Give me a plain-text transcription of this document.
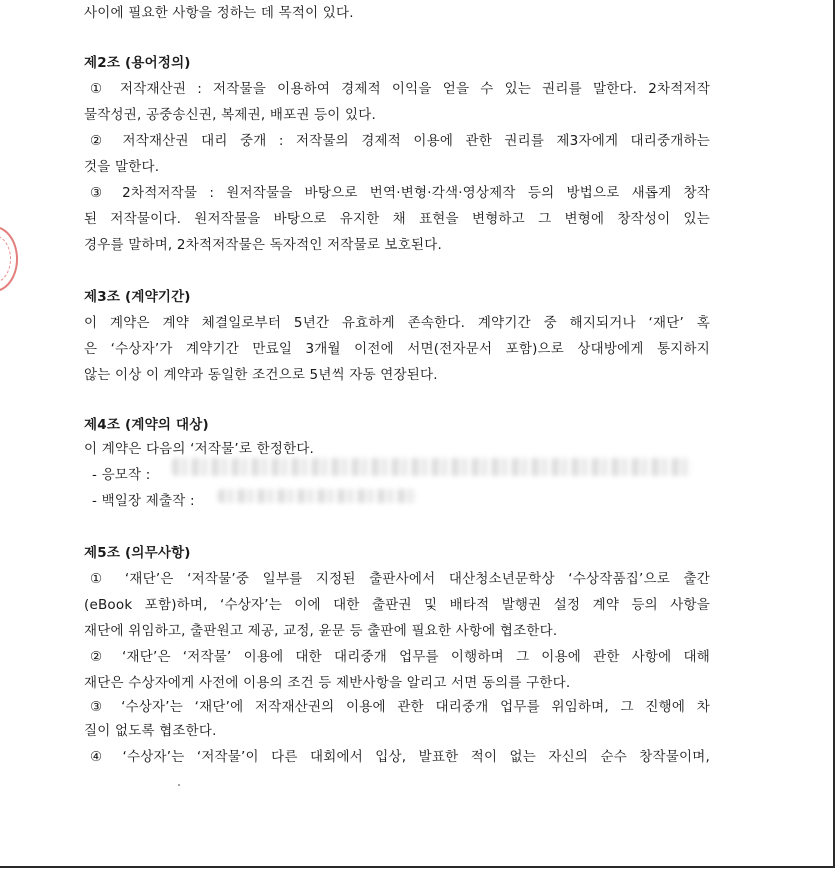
사이에 필요한 사항을 정하는 데 목적이 있다.
제2조 (용어정의)
① 저작재산권 : 저작물을 이용하여 경제적 이익을 얻을 수 있는 권리를 말한다. 2차적저작
물작성권, 공중송신권, 복제권, 배포권 등이 있다.
② 저작재산권 대리 중개 : 저작물의 경제적 이용에 관한 권리를 제3자에게 대리중개하는
것을 말한다.
③ 2차적저작물 : 원저작물을 바탕으로 번역·변형·각색·영상제작 등의 방법으로 새롭게 창작
된 저작물이다. 원저작물을 바탕으로 유지한 채 표현을 변형하고 그 변형에 창작성이 있는
경우를 말하며, 2차적저작물은 독자적인 저작물로 보호된다.
제3조 (계약기간)
이 계약은 계약 체결일로부터 5년간 유효하게 존속한다. 계약기간 중 해지되거나 ‘재단’ 혹
은 ‘수상자’가 계약기간 만료일 3개월 이전에 서면(전자문서 포함)으로 상대방에게 통지하지
않는 이상 이 계약과 동일한 조건으로 5년씩 자동 연장된다.
제4조 (계약의 대상)
이 계약은 다음의 ‘저작물’로 한정한다.
- 응모작 :
- 백일장 제출작 :
제5조 (의무사항)
① ‘재단’은 ‘저작물’중 일부를 지정된 출판사에서 대산청소년문학상 ‘수상작품집’으로 출간
(eBook 포함)하며, ‘수상자’는 이에 대한 출판권 및 배타적 발행권 설정 계약 등의 사항을
재단에 위임하고, 출판원고 제공, 교정, 윤문 등 출판에 필요한 사항에 협조한다.
② ‘재단’은 ‘저작물’ 이용에 대한 대리중개 업무를 이행하며 그 이용에 관한 사항에 대해
재단은 수상자에게 사전에 이용의 조건 등 제반사항을 알리고 서면 동의를 구한다.
③ ‘수상자’는 ‘재단’에 저작재산권의 이용에 관한 대리중개 업무를 위임하며, 그 진행에 차
질이 없도록 협조한다.
④ ‘수상자’는 ‘저작물’이 다른 대회에서 입상, 발표한 적이 없는 자신의 순수 창작물이며,
